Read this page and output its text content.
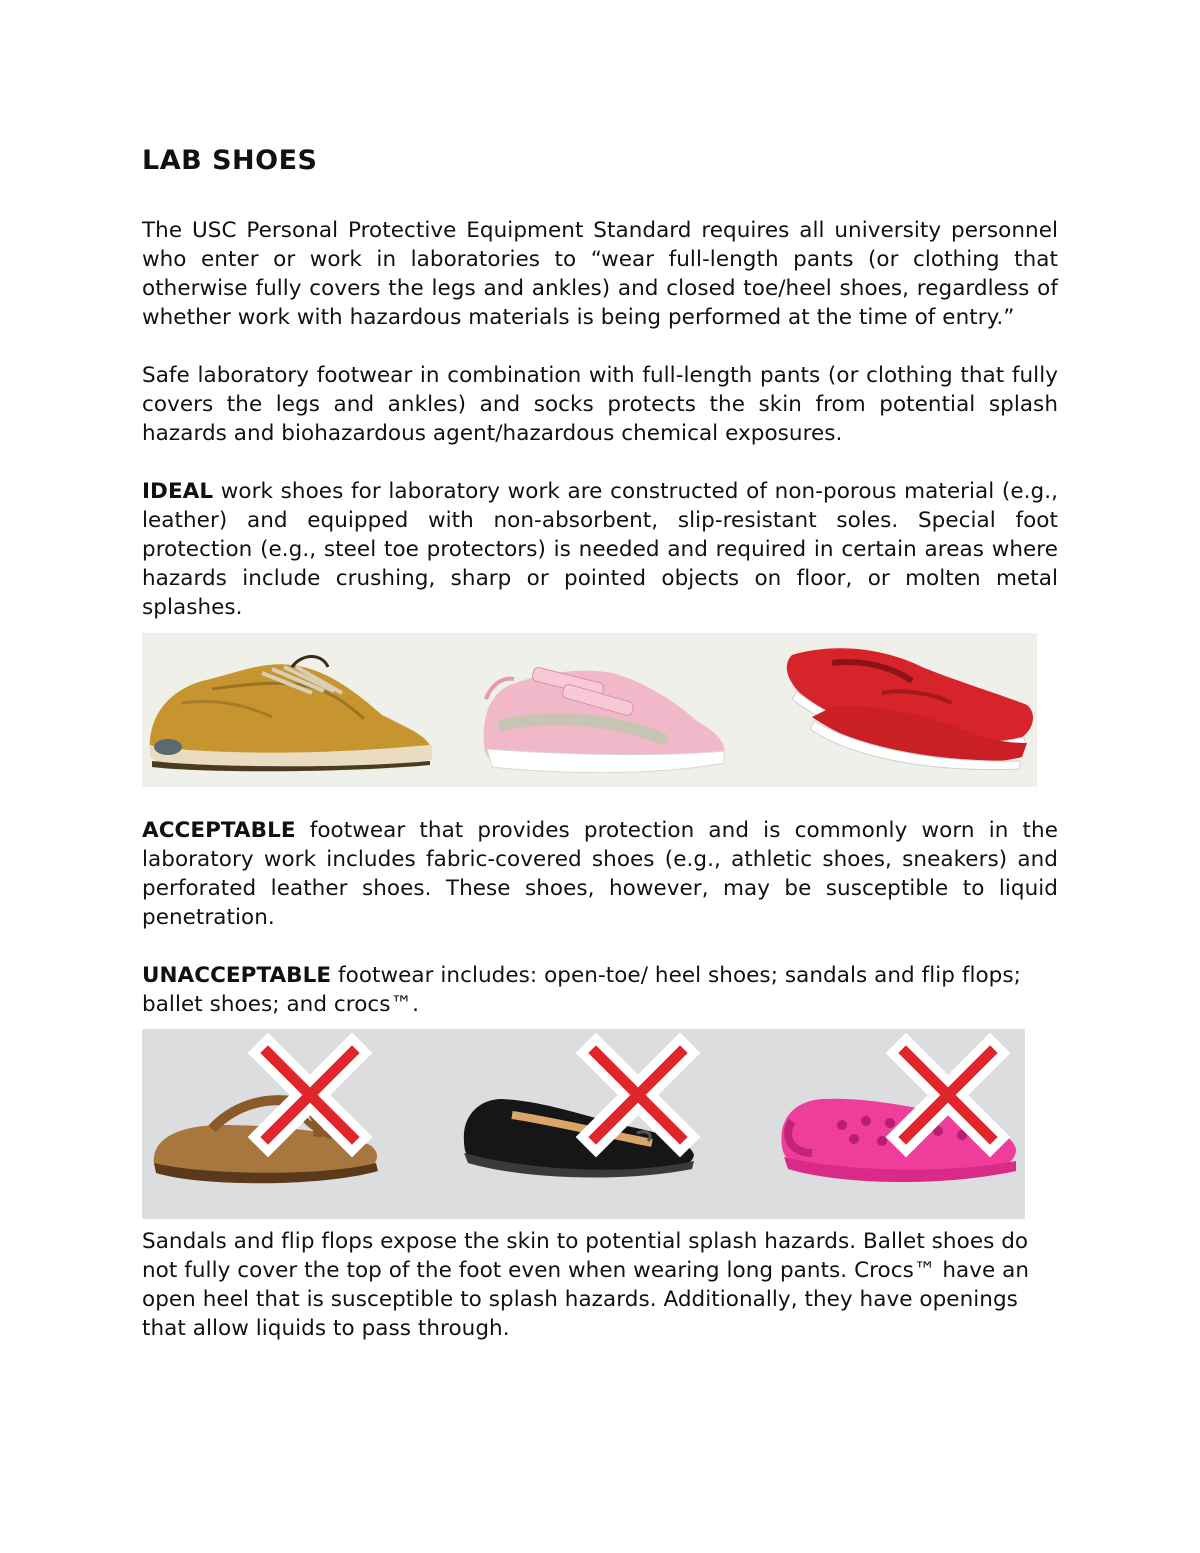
LAB SHOES

The USC Personal Protective Equipment Standard requires all university personnel who enter or work in laboratories to “wear full-length pants (or clothing that otherwise fully covers the legs and ankles) and closed toe/heel shoes, regardless of whether work with hazardous materials is being performed at the time of entry.”

Safe laboratory footwear in combination with full-length pants (or clothing that fully covers the legs and ankles) and socks protects the skin from potential splash hazards and biohazardous agent/hazardous chemical exposures.

IDEAL work shoes for laboratory work are constructed of non-porous material (e.g., leather) and equipped with non-absorbent, slip-resistant soles. Special foot protection (e.g., steel toe protectors) is needed and required in certain areas where hazards include crushing, sharp or pointed objects on floor, or molten metal splashes.

ACCEPTABLE footwear that provides protection and is commonly worn in the laboratory work includes fabric-covered shoes (e.g., athletic shoes, sneakers) and perforated leather shoes. These shoes, however, may be susceptible to liquid penetration.

UNACCEPTABLE footwear includes: open-toe/ heel shoes; sandals and flip flops; ballet shoes; and crocs™.

Sandals and flip flops expose the skin to potential splash hazards. Ballet shoes do not fully cover the top of the foot even when wearing long pants. Crocs™ have an open heel that is susceptible to splash hazards. Additionally, they have openings that allow liquids to pass through.
